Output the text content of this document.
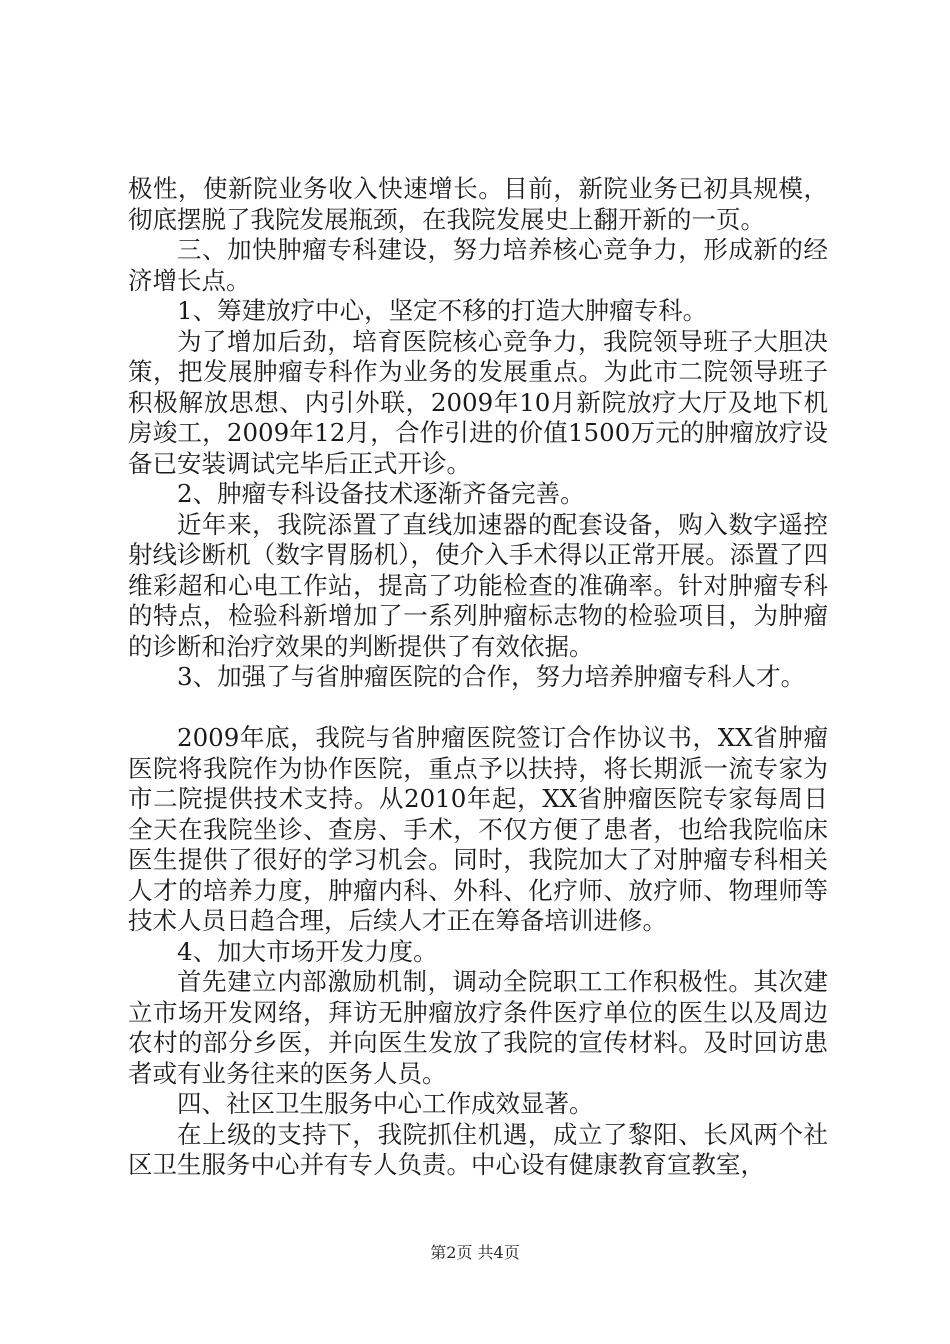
极性，使新院业务收入快速增长。目前，新院业务已初具规模，彻底摆脱了我院发展瓶颈，在我院发展史上翻开新的一页。

三、加快肿瘤专科建设，努力培养核心竞争力，形成新的经济增长点。

1、筹建放疗中心，坚定不移的打造大肿瘤专科。

为了增加后劲，培育医院核心竞争力，我院领导班子大胆决策，把发展肿瘤专科作为业务的发展重点。为此市二院领导班子积极解放思想、内引外联，2009年10月新院放疗大厅及地下机房竣工，2009年12月，合作引进的价值1500万元的肿瘤放疗设备已安装调试完毕后正式开诊。

2、肿瘤专科设备技术逐渐齐备完善。

近年来，我院添置了直线加速器的配套设备，购入数字遥控射线诊断机（数字胃肠机），使介入手术得以正常开展。添置了四维彩超和心电工作站，提高了功能检查的准确率。针对肿瘤专科的特点，检验科新增加了一系列肿瘤标志物的检验项目，为肿瘤的诊断和治疗效果的判断提供了有效依据。

3、加强了与省肿瘤医院的合作，努力培养肿瘤专科人才。

2009年底，我院与省肿瘤医院签订合作协议书，XX省肿瘤医院将我院作为协作医院，重点予以扶持，将长期派一流专家为市二院提供技术支持。从2010年起，XX省肿瘤医院专家每周日全天在我院坐诊、查房、手术，不仅方便了患者，也给我院临床医生提供了很好的学习机会。同时，我院加大了对肿瘤专科相关人才的培养力度，肿瘤内科、外科、化疗师、放疗师、物理师等技术人员日趋合理，后续人才正在筹备培训进修。

4、加大市场开发力度。

首先建立内部激励机制，调动全院职工工作积极性。其次建立市场开发网络，拜访无肿瘤放疗条件医疗单位的医生以及周边农村的部分乡医，并向医生发放了我院的宣传材料。及时回访患者或有业务往来的医务人员。

四、社区卫生服务中心工作成效显著。

在上级的支持下，我院抓住机遇，成立了黎阳、长风两个社区卫生服务中心并有专人负责。中心设有健康教育宣教室，

第2页 共4页
